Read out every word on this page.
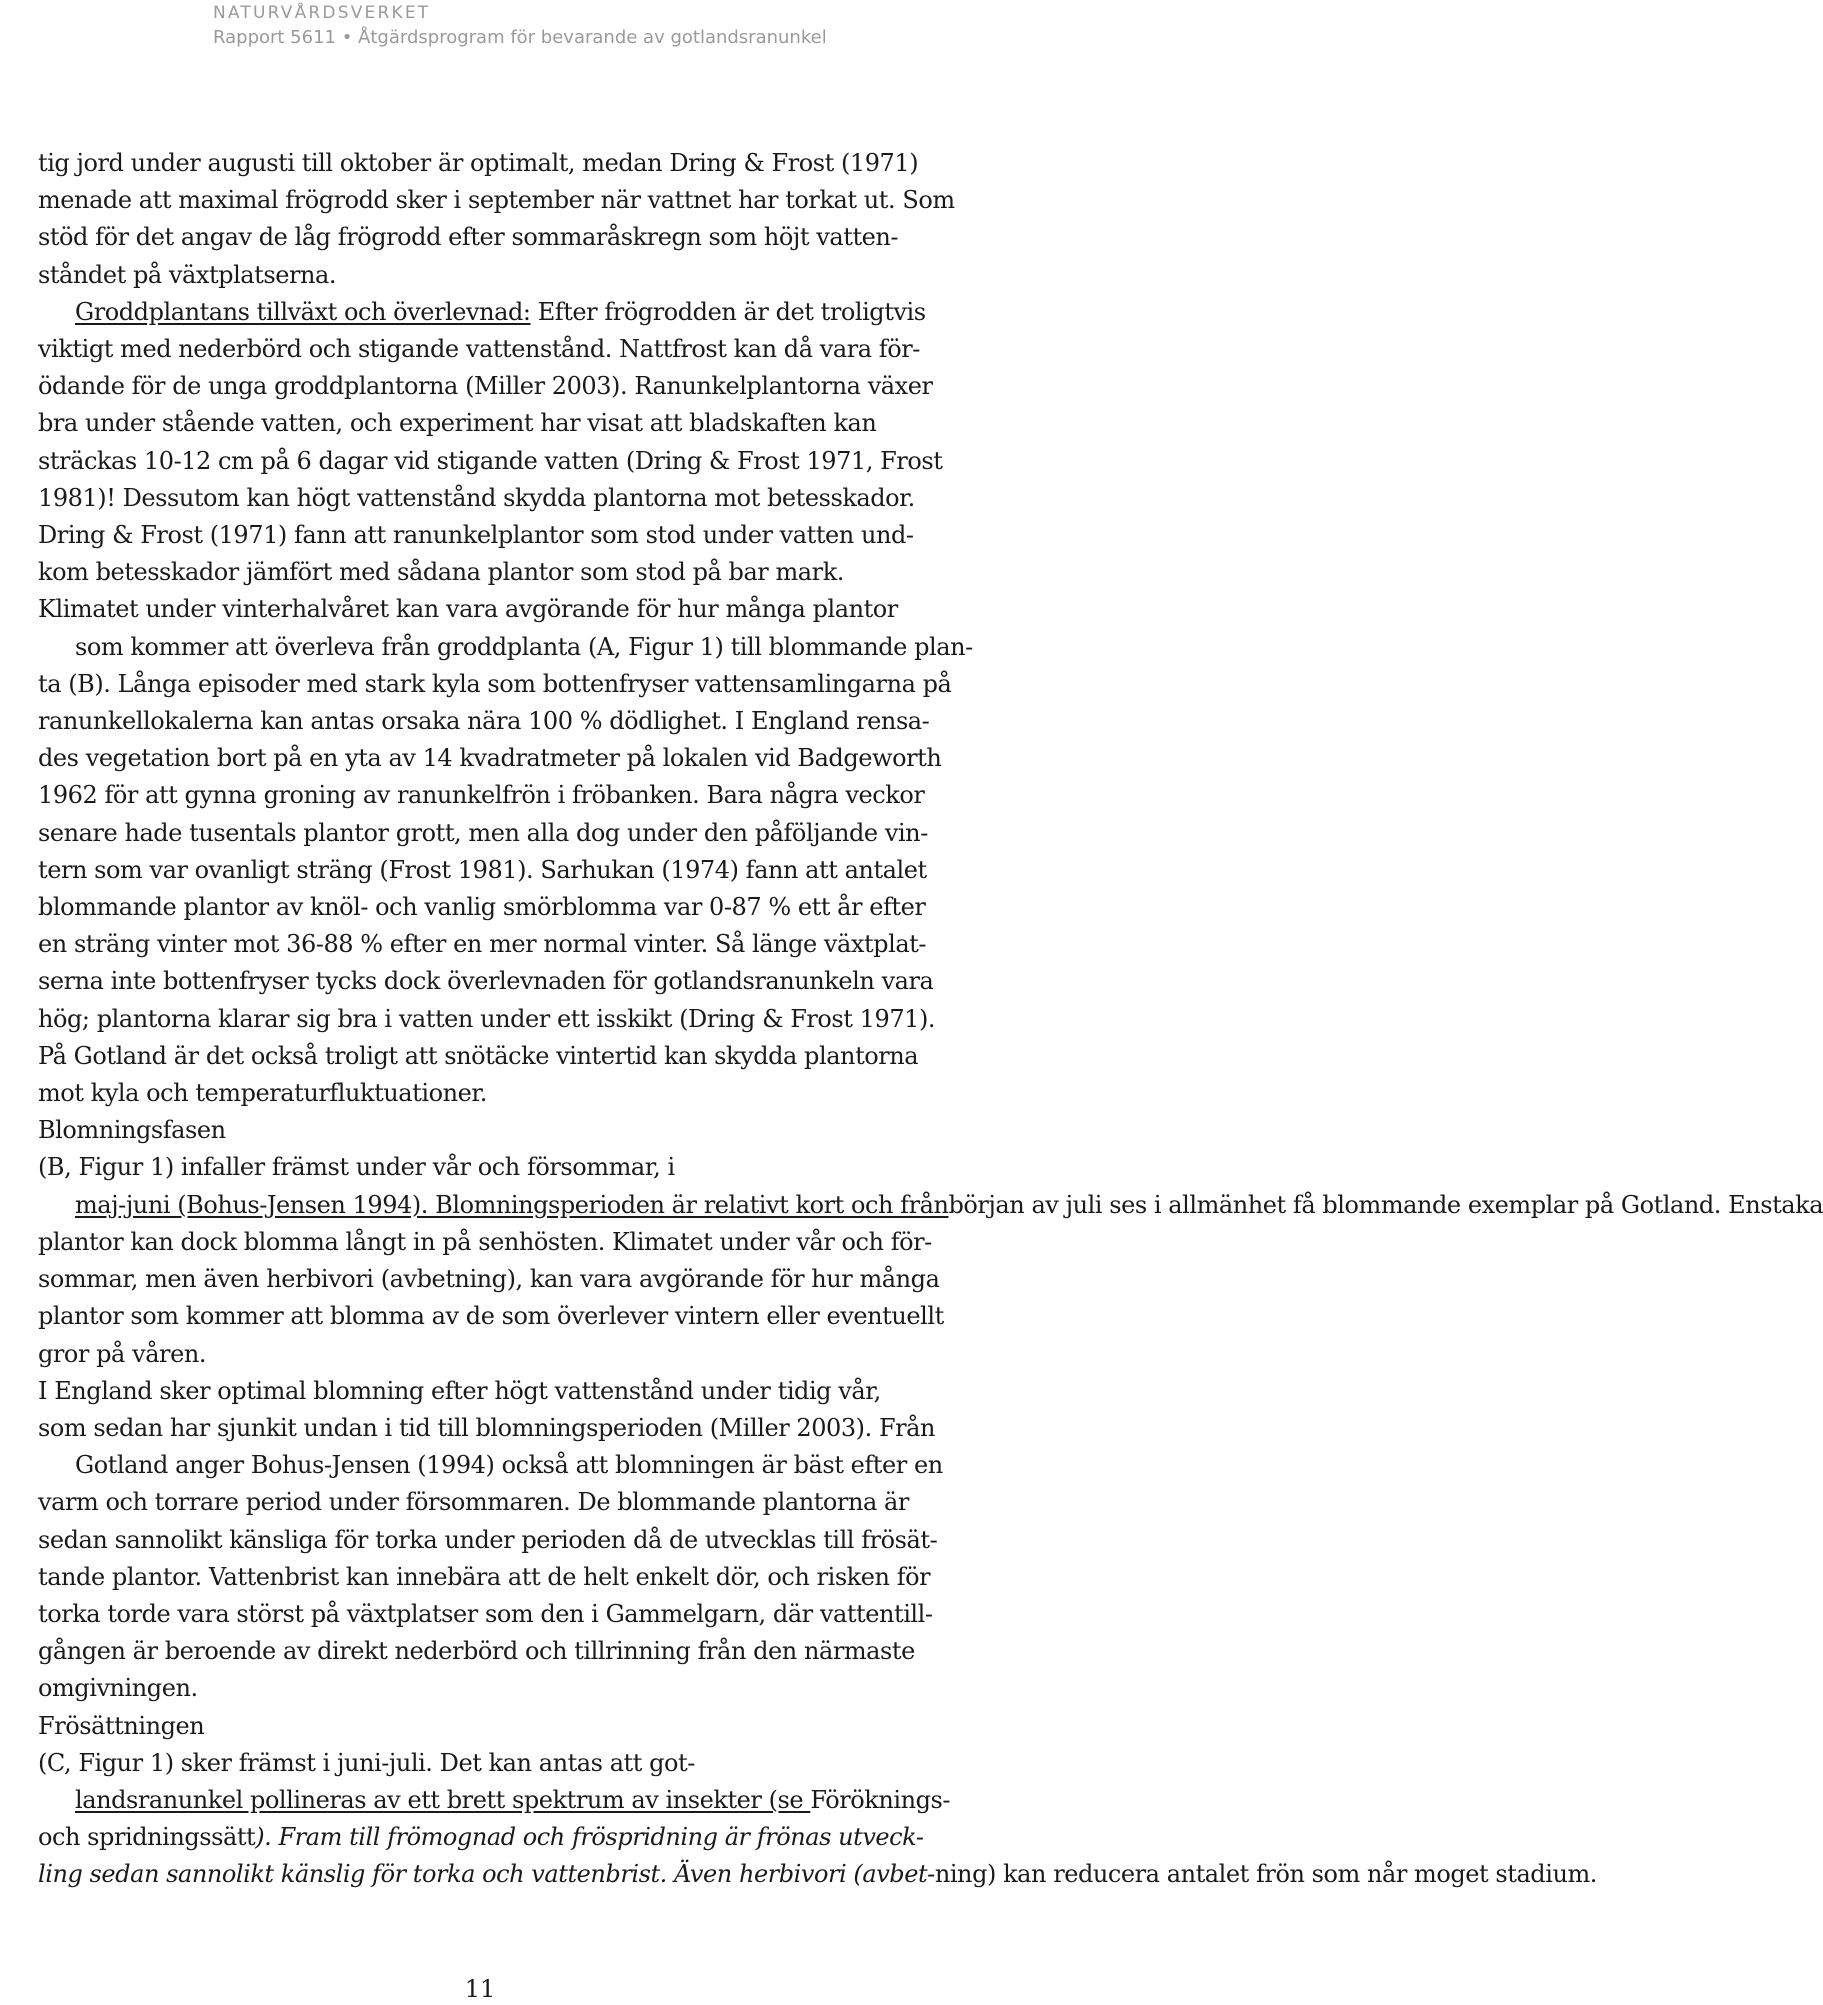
NATURVÅRDSVERKET
Rapport 5611 • Åtgärdsprogram för bevarande av gotlandsranunkel
tig jord under augusti till oktober är optimalt, medan Dring & Frost (1971)
menade att maximal frögrodd sker i september när vattnet har torkat ut. Som
stöd för det angav de låg frögrodd efter sommaråskregn som höjt vatten-
ståndet på växtplatserna.
Groddplantans tillväxt och överlevnad: Efter frögrodden är det troligtvis
viktigt med nederbörd och stigande vattenstånd. Nattfrost kan då vara för-
ödande för de unga groddplantorna (Miller 2003). Ranunkelplantorna växer
bra under stående vatten, och experiment har visat att bladskaften kan
sträckas 10-12 cm på 6 dagar vid stigande vatten (Dring & Frost 1971, Frost
1981)! Dessutom kan högt vattenstånd skydda plantorna mot betesskador.
Dring & Frost (1971) fann att ranunkelplantor som stod under vatten und-
kom betesskador jämfört med sådana plantor som stod på bar mark.
Klimatet under vinterhalvåret kan vara avgörande för hur många plantor
som kommer att överleva från groddplanta (A, Figur 1) till blommande plan-
ta (B). Långa episoder med stark kyla som bottenfryser vattensamlingarna på
ranunkellokalerna kan antas orsaka nära 100 % dödlighet. I England rensa-
des vegetation bort på en yta av 14 kvadratmeter på lokalen vid Badgeworth
1962 för att gynna groning av ranunkelfrön i fröbanken. Bara några veckor
senare hade tusentals plantor grott, men alla dog under den påföljande vin-
tern som var ovanligt sträng (Frost 1981). Sarhukan (1974) fann att antalet
blommande plantor av knöl- och vanlig smörblomma var 0-87 % ett år efter
en sträng vinter mot 36-88 % efter en mer normal vinter. Så länge växtplat-
serna inte bottenfryser tycks dock överlevnaden för gotlandsranunkeln vara
hög; plantorna klarar sig bra i vatten under ett isskikt (Dring & Frost 1971).
På Gotland är det också troligt att snötäcke vintertid kan skydda plantorna
mot kyla och temperaturfluktuationer.
Blomningsfasen
(B, Figur 1) infaller främst under vår och försommar, i
maj-juni (Bohus-Jensen 1994). Blomningsperioden är relativt kort och frånbörjan av juli ses i allmänhet få blommande exemplar på Gotland. Enstaka
plantor kan dock blomma långt in på senhösten. Klimatet under vår och för-
sommar, men även herbivori (avbetning), kan vara avgörande för hur många
plantor som kommer att blomma av de som överlever vintern eller eventuellt
gror på våren.
I England sker optimal blomning efter högt vattenstånd under tidig vår,
som sedan har sjunkit undan i tid till blomningsperioden (Miller 2003). Från
Gotland anger Bohus-Jensen (1994) också att blomningen är bäst efter en
varm och torrare period under försommaren. De blommande plantorna är
sedan sannolikt känsliga för torka under perioden då de utvecklas till frösät-
tande plantor. Vattenbrist kan innebära att de helt enkelt dör, och risken för
torka torde vara störst på växtplatser som den i Gammelgarn, där vattentill-
gången är beroende av direkt nederbörd och tillrinning från den närmaste
omgivningen.
Frösättningen
(C, Figur 1) sker främst i juni-juli. Det kan antas att got-
landsranunkel pollineras av ett brett spektrum av insekter (se Föröknings-
och spridningssätt). Fram till frömognad och fröspridning är frönas utveck-
ling sedan sannolikt känslig för torka och vattenbrist. Även herbivori (avbet-ning) kan reducera antalet frön som når moget stadium.
11
